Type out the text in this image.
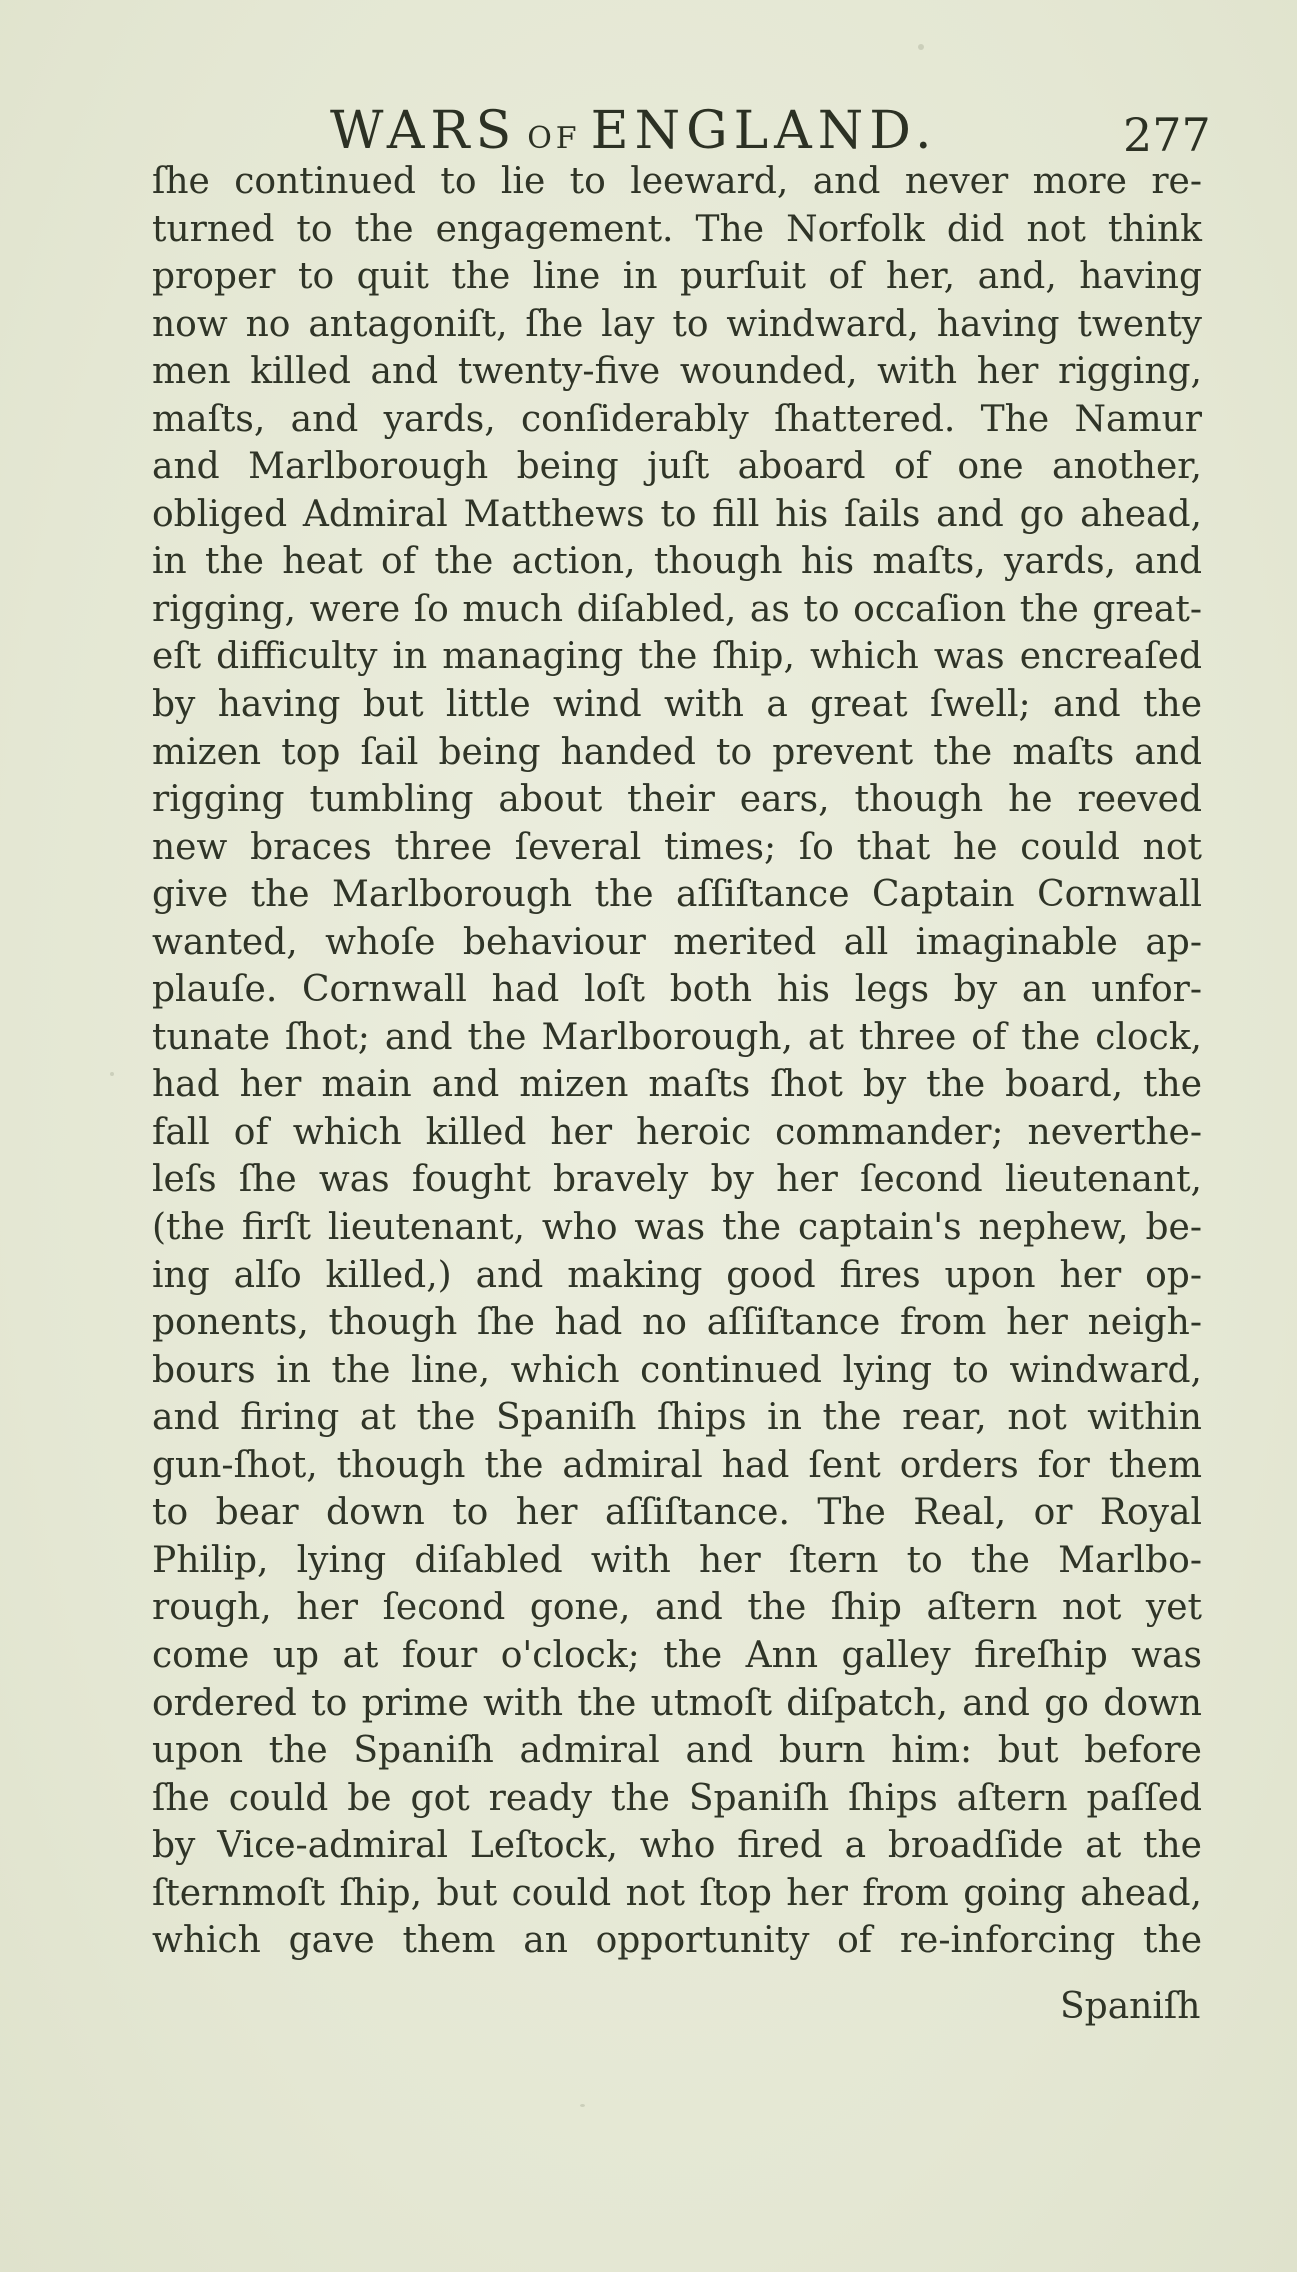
WARS OF ENGLAND.	277
ſhe continued to lie to leeward, and never more re-
turned to the engagement. The Norfolk did not think
proper to quit the line in purſuit of her, and, having
now no antagoniſt, ſhe lay to windward, having twenty
men killed and twenty-five wounded, with her rigging,
maſts, and yards, conſiderably ſhattered. The Namur
and Marlborough being juſt aboard of one another,
obliged Admiral Matthews to fill his ſails and go ahead,
in the heat of the action, though his maſts, yards, and
rigging, were ſo much diſabled, as to occaſion the great-
eſt difficulty in managing the ſhip, which was encreaſed
by having but little wind with a great ſwell; and the
mizen top ſail being handed to prevent the maſts and
rigging tumbling about their ears, though he reeved
new braces three ſeveral times; ſo that he could not
give the Marlborough the aſſiſtance Captain Cornwall
wanted, whoſe behaviour merited all imaginable ap-
plauſe. Cornwall had loſt both his legs by an unfor-
tunate ſhot; and the Marlborough, at three of the clock,
had her main and mizen maſts ſhot by the board, the
fall of which killed her heroic commander; neverthe-
leſs ſhe was fought bravely by her ſecond lieutenant,
(the firſt lieutenant, who was the captain's nephew, be-
ing alſo killed,) and making good fires upon her op-
ponents, though ſhe had no aſſiſtance from her neigh-
bours in the line, which continued lying to windward,
and firing at the Spaniſh ſhips in the rear, not within
gun-ſhot, though the admiral had ſent orders for them
to bear down to her aſſiſtance. The Real, or Royal
Philip, lying diſabled with her ſtern to the Marlbo-
rough, her ſecond gone, and the ſhip aſtern not yet
come up at four o'clock; the Ann galley fireſhip was
ordered to prime with the utmoſt diſpatch, and go down
upon the Spaniſh admiral and burn him: but before
ſhe could be got ready the Spaniſh ſhips aſtern paſſed
by Vice-admiral Leſtock, who fired a broadſide at the
ſternmoſt ſhip, but could not ſtop her from going ahead,
which gave them an opportunity of re-inforcing the
Spaniſh
